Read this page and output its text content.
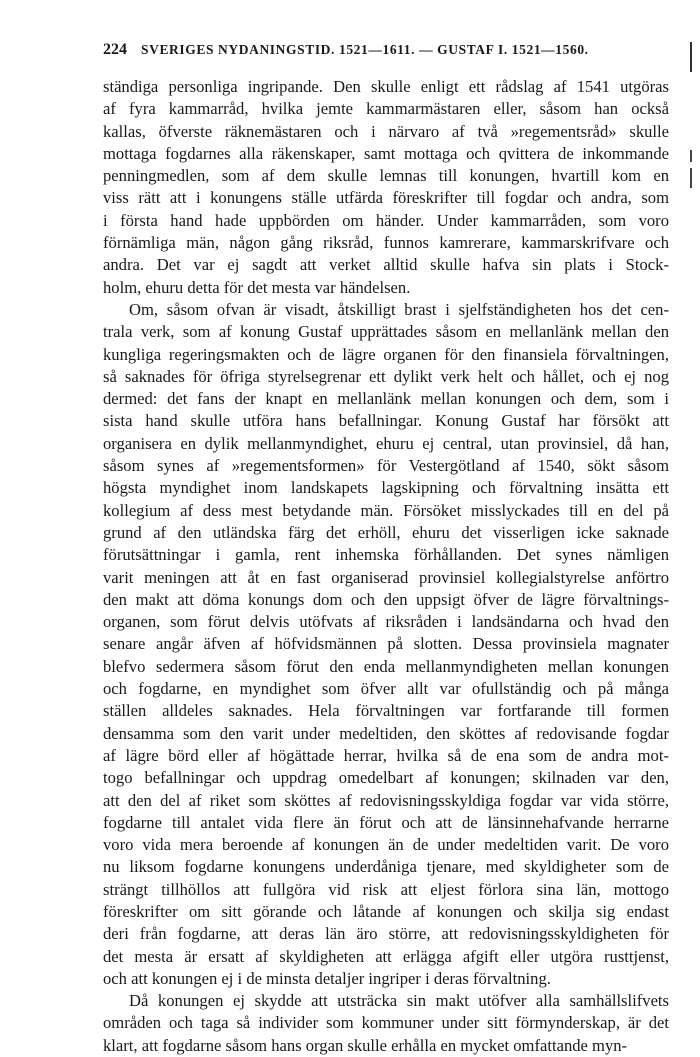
224 SVERIGES NYDANINGSTID. 1521—1611. — GUSTAF I. 1521—1560.
ständiga personliga ingripande. Den skulle enligt ett rådslag af 1541 utgöras
af fyra kammarråd, hvilka jemte kammarmästaren eller, såsom han också
kallas, öfverste räknemästaren och i närvaro af två »regementsråd» skulle
mottaga fogdarnes alla räkenskaper, samt mottaga och qvittera de inkommande
penningmedlen, som af dem skulle lemnas till konungen, hvartill kom en
viss rätt att i konungens ställe utfärda föreskrifter till fogdar och andra, som
i första hand hade uppbörden om händer. Under kammarråden, som voro
förnämliga män, någon gång riksråd, funnos kamrerare, kammarskrifvare och
andra. Det var ej sagdt att verket alltid skulle hafva sin plats i Stock-
holm, ehuru detta för det mesta var händelsen.
Om, såsom ofvan är visadt, åtskilligt brast i sjelfständigheten hos det cen-
trala verk, som af konung Gustaf upprättades såsom en mellanlänk mellan den
kungliga regeringsmakten och de lägre organen för den finansiela förvaltningen,
så saknades för öfriga styrelsegrenar ett dylikt verk helt och hållet, och ej nog
dermed: det fans der knapt en mellanlänk mellan konungen och dem, som i
sista hand skulle utföra hans befallningar. Konung Gustaf har försökt att
organisera en dylik mellanmyndighet, ehuru ej central, utan provinsiel, då han,
såsom synes af »regementsformen» för Vestergötland af 1540, sökt såsom
högsta myndighet inom landskapets lagskipning och förvaltning insätta ett
kollegium af dess mest betydande män. Försöket misslyckades till en del på
grund af den utländska färg det erhöll, ehuru det visserligen icke saknade
förutsättningar i gamla, rent inhemska förhållanden. Det synes nämligen
varit meningen att åt en fast organiserad provinsiel kollegialstyrelse anförtro
den makt att döma konungs dom och den uppsigt öfver de lägre förvaltnings-
organen, som förut delvis utöfvats af riksråden i landsändarna och hvad den
senare angår äfven af höfvidsmännen på slotten. Dessa provinsiela magnater
blefvo sedermera såsom förut den enda mellanmyndigheten mellan konungen
och fogdarne, en myndighet som öfver allt var ofullständig och på många
ställen alldeles saknades. Hela förvaltningen var fortfarande till formen
densamma som den varit under medeltiden, den sköttes af redovisande fogdar
af lägre börd eller af högättade herrar, hvilka så de ena som de andra mot-
togo befallningar och uppdrag omedelbart af konungen; skilnaden var den,
att den del af riket som sköttes af redovisningsskyldiga fogdar var vida större,
fogdarne till antalet vida flere än förut och att de länsinnehafvande herrarne
voro vida mera beroende af konungen än de under medeltiden varit. De voro
nu liksom fogdarne konungens underdåniga tjenare, med skyldigheter som de
strängt tillhöllos att fullgöra vid risk att eljest förlora sina län, mottogo
föreskrifter om sitt görande och låtande af konungen och skilja sig endast
deri från fogdarne, att deras län äro större, att redovisningsskyldigheten för
det mesta är ersatt af skyldigheten att erlägga afgift eller utgöra rusttjenst,
och att konungen ej i de minsta detaljer ingriper i deras förvaltning.
Då konungen ej skydde att utsträcka sin makt utöfver alla samhällslifvets
områden och taga så individer som kommuner under sitt förmynderskap, är det
klart, att fogdarne såsom hans organ skulle erhålla en mycket omfattande myn-
